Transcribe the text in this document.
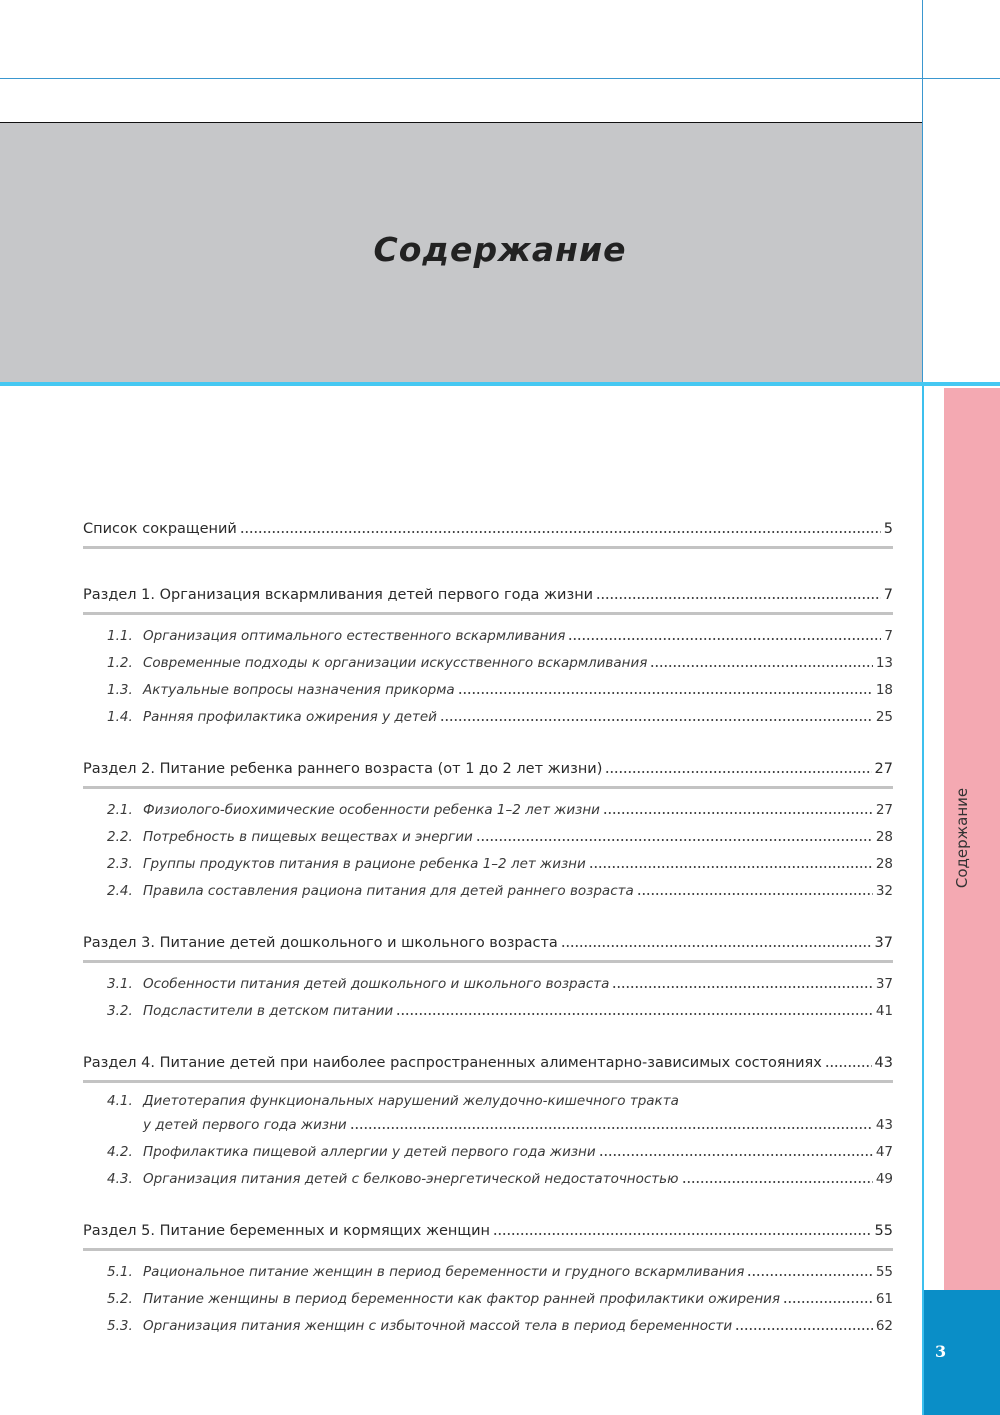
Содержание
Содержание
3
Список сокращений	5
Раздел 1. Организация вскармливания детей первого года жизни	7
1.1. Организация оптимального естественного вскармливания	7
1.2. Современные подходы к организации искусственного вскармливания	13
1.3. Актуальные вопросы назначения прикорма	18
1.4. Ранняя профилактика ожирения у детей	25
Раздел 2. Питание ребенка раннего возраста (от 1 до 2 лет жизни)	27
2.1. Физиолого-биохимические особенности ребенка 1–2 лет жизни	27
2.2. Потребность в пищевых веществах и энергии	28
2.3. Группы продуктов питания в рационе ребенка 1–2 лет жизни	28
2.4. Правила составления рациона питания для детей раннего возраста	32
Раздел 3. Питание детей дошкольного и школьного возраста	37
3.1. Особенности питания детей дошкольного и школьного возраста	37
3.2. Подсластители в детском питании	41
Раздел 4. Питание детей при наиболее распространенных алиментарно-зависимых состояниях	43
4.1. Диетотерапия функциональных нарушений желудочно-кишечного тракта
у детей первого года жизни	43
4.2. Профилактика пищевой аллергии у детей первого года жизни	47
4.3. Организация питания детей с белково-энергетической недостаточностью	49
Раздел 5. Питание беременных и кормящих женщин	55
5.1. Рациональное питание женщин в период беременности и грудного вскармливания	55
5.2. Питание женщины в период беременности как фактор ранней профилактики ожирения	61
5.3. Организация питания женщин с избыточной массой тела в период беременности	62
